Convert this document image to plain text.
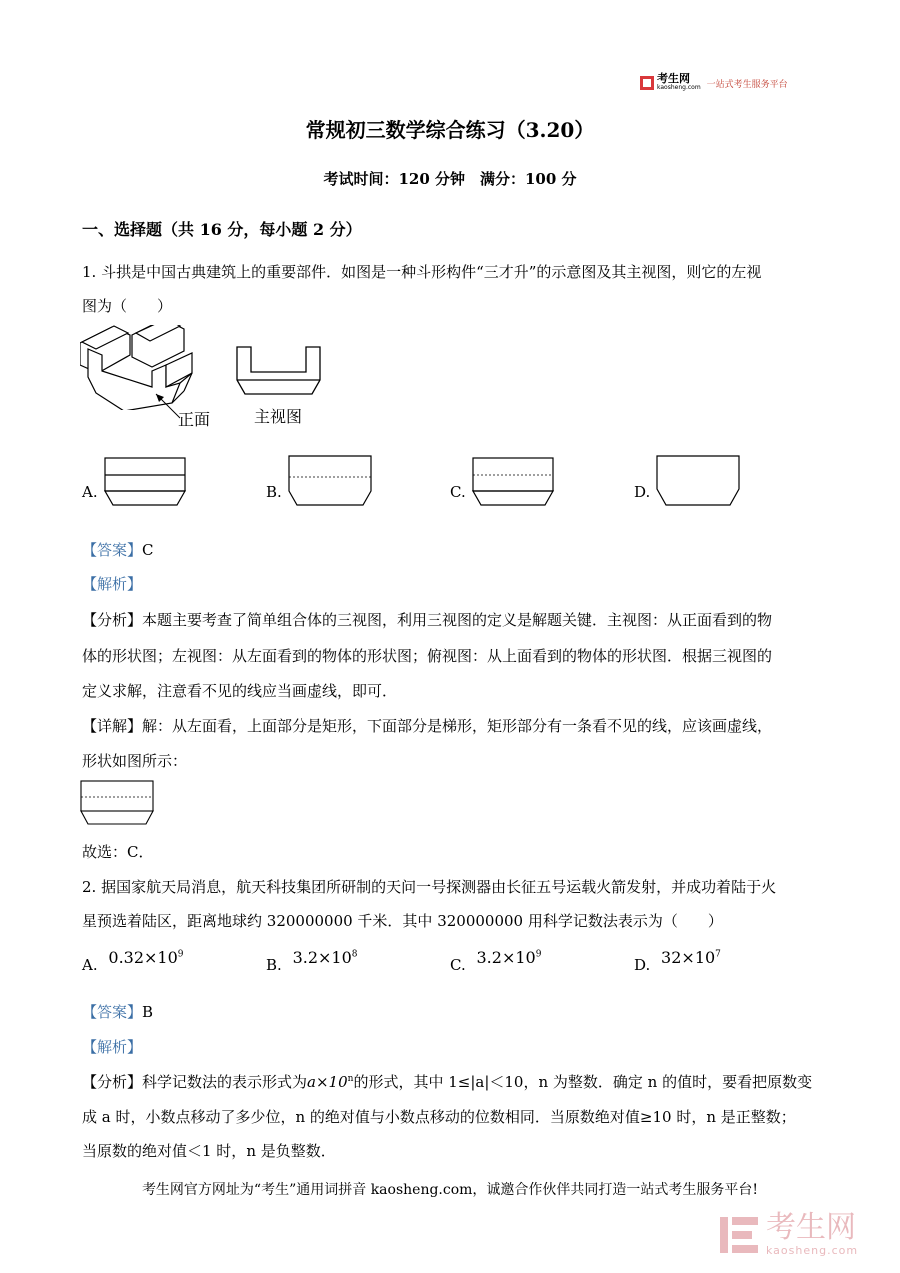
考生网
kaosheng.com 一站式考生服务平台
常规初三数学综合练习（3.20）
考试时间：120 分钟　满分：100 分
一、选择题（共 16 分，每小题 2 分）
1. 斗拱是中国古典建筑上的重要部件．如图是一种斗形构件“三才升”的示意图及其主视图，则它的左视
图为（　　）
正面	主视图
A.	B.	C.	D.
【答案】C
【解析】
【分析】本题主要考查了简单组合体的三视图，利用三视图的定义是解题关键．主视图：从正面看到的物
体的形状图；左视图：从左面看到的物体的形状图；俯视图：从上面看到的物体的形状图．根据三视图的
定义求解，注意看不见的线应当画虚线，即可．
【详解】解：从左面看，上面部分是矩形，下面部分是梯形，矩形部分有一条看不见的线，应该画虚线，
形状如图所示：
故选：C．
2. 据国家航天局消息，航天科技集团所研制的天问一号探测器由长征五号运载火箭发射，并成功着陆于火
星预选着陆区，距离地球约 320000000 千米．其中 320000000 用科学记数法表示为（　　）
A. $0.32\times 10^9$
B. $3.2\times 10^8$
C. $3.2\times 10^9$
D. $32\times 10^7$
【答案】B
【解析】
【分析】科学记数法的表示形式为$a\times 10^n$的形式，其中 1≤|a|＜10，n 为整数．确定 n 的值时，要看把原数变
成 a 时，小数点移动了多少位，n 的绝对值与小数点移动的位数相同．当原数绝对值≥10 时，n 是正整数；
当原数的绝对值＜1 时，n 是负整数．
考生网官方网址为“考生”通用词拼音 kaosheng.com，诚邀合作伙伴共同打造一站式考生服务平台!
考生网
kaosheng.com
